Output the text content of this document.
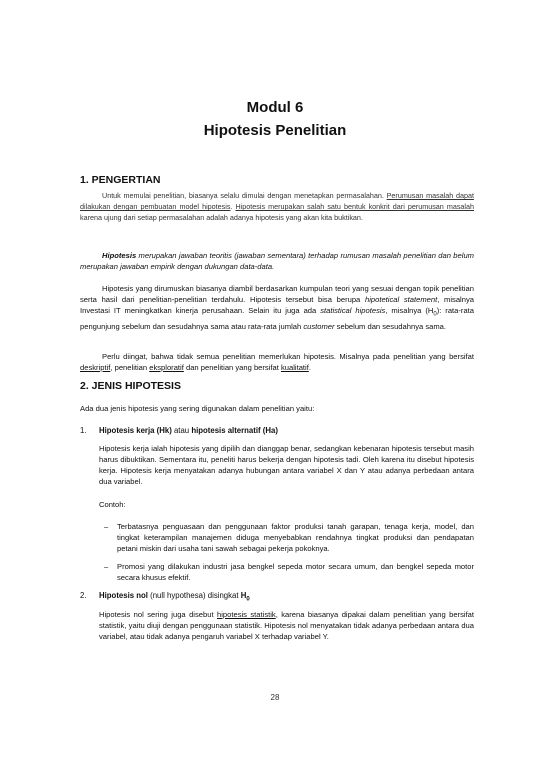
Modul 6
Hipotesis Penelitian
1. PENGERTIAN

Untuk memulai penelitian, biasanya selalu dimulai dengan menetapkan permasalahan. Perumusan masalah dapat dilakukan dengan pembuatan model hipotesis. Hipotesis merupakan salah satu bentuk konkrit dari perumusan masalah karena ujung dari setiap permasalahan adalah adanya hipotesis yang akan kita buktikan.

Hipotesis merupakan jawaban teoritis (jawaban sementara) terhadap rumusan masalah penelitian dan belum merupakan jawaban empirik dengan dukungan data-data.

Hipotesis yang dirumuskan biasanya diambil berdasarkan kumpulan teori yang sesuai dengan topik penelitian serta hasil dari penelitian-penelitian terdahulu. Hipotesis tersebut bisa berupa hipotetical statement, misalnya Investasi IT meningkatkan kinerja perusahaan. Selain itu juga ada statistical hipotesis, misalnya $(H_0)$: rata-rata pengunjung sebelum dan sesudahnya sama atau rata-rata jumlah customer sebelum dan sesudahnya sama.

Perlu diingat, bahwa tidak semua penelitian memerlukan hipotesis. Misalnya pada penelitian yang bersifat deskriptif, penelitian eksploratif dan penelitian yang bersifat kualitatif.

2. JENIS HIPOTESIS

Ada dua jenis hipotesis yang sering digunakan dalam penelitian yaitu:

1. Hipotesis kerja (Hk) atau hipotesis alternatif (Ha)

Hipotesis kerja ialah hipotesis yang dipilih dan dianggap benar, sedangkan kebenaran hipotesis tersebut masih harus dibuktikan. Sementara itu, peneliti harus bekerja dengan hipotesis tadi. Oleh karena itu disebut hipotesis kerja. Hipotesis kerja menyatakan adanya hubungan antara variabel X dan Y atau adanya perbedaan antara dua variabel.

Contoh:

– Terbatasnya penguasaan dan penggunaan faktor produksi tanah garapan, tenaga kerja, model, dan tingkat keterampilan manajemen diduga menyebabkan rendahnya tingkat produksi dan pendapatan petani miskin dari usaha tani sawah sebagai pekerja pokoknya.
– Promosi yang dilakukan industri jasa bengkel sepeda motor secara umum, dan bengkel sepeda motor secara khusus efektif.
2. Hipotesis nol (null hypothesa) disingkat $H_0$

Hipotesis nol sering juga disebut hipotesis statistik, karena biasanya dipakai dalam penelitian yang bersifat statistik, yaitu diuji dengan penggunaan statistik. Hipotesis nol menyatakan tidak adanya perbedaan antara dua variabel, atau tidak adanya pengaruh variabel X terhadap variabel Y.

28
